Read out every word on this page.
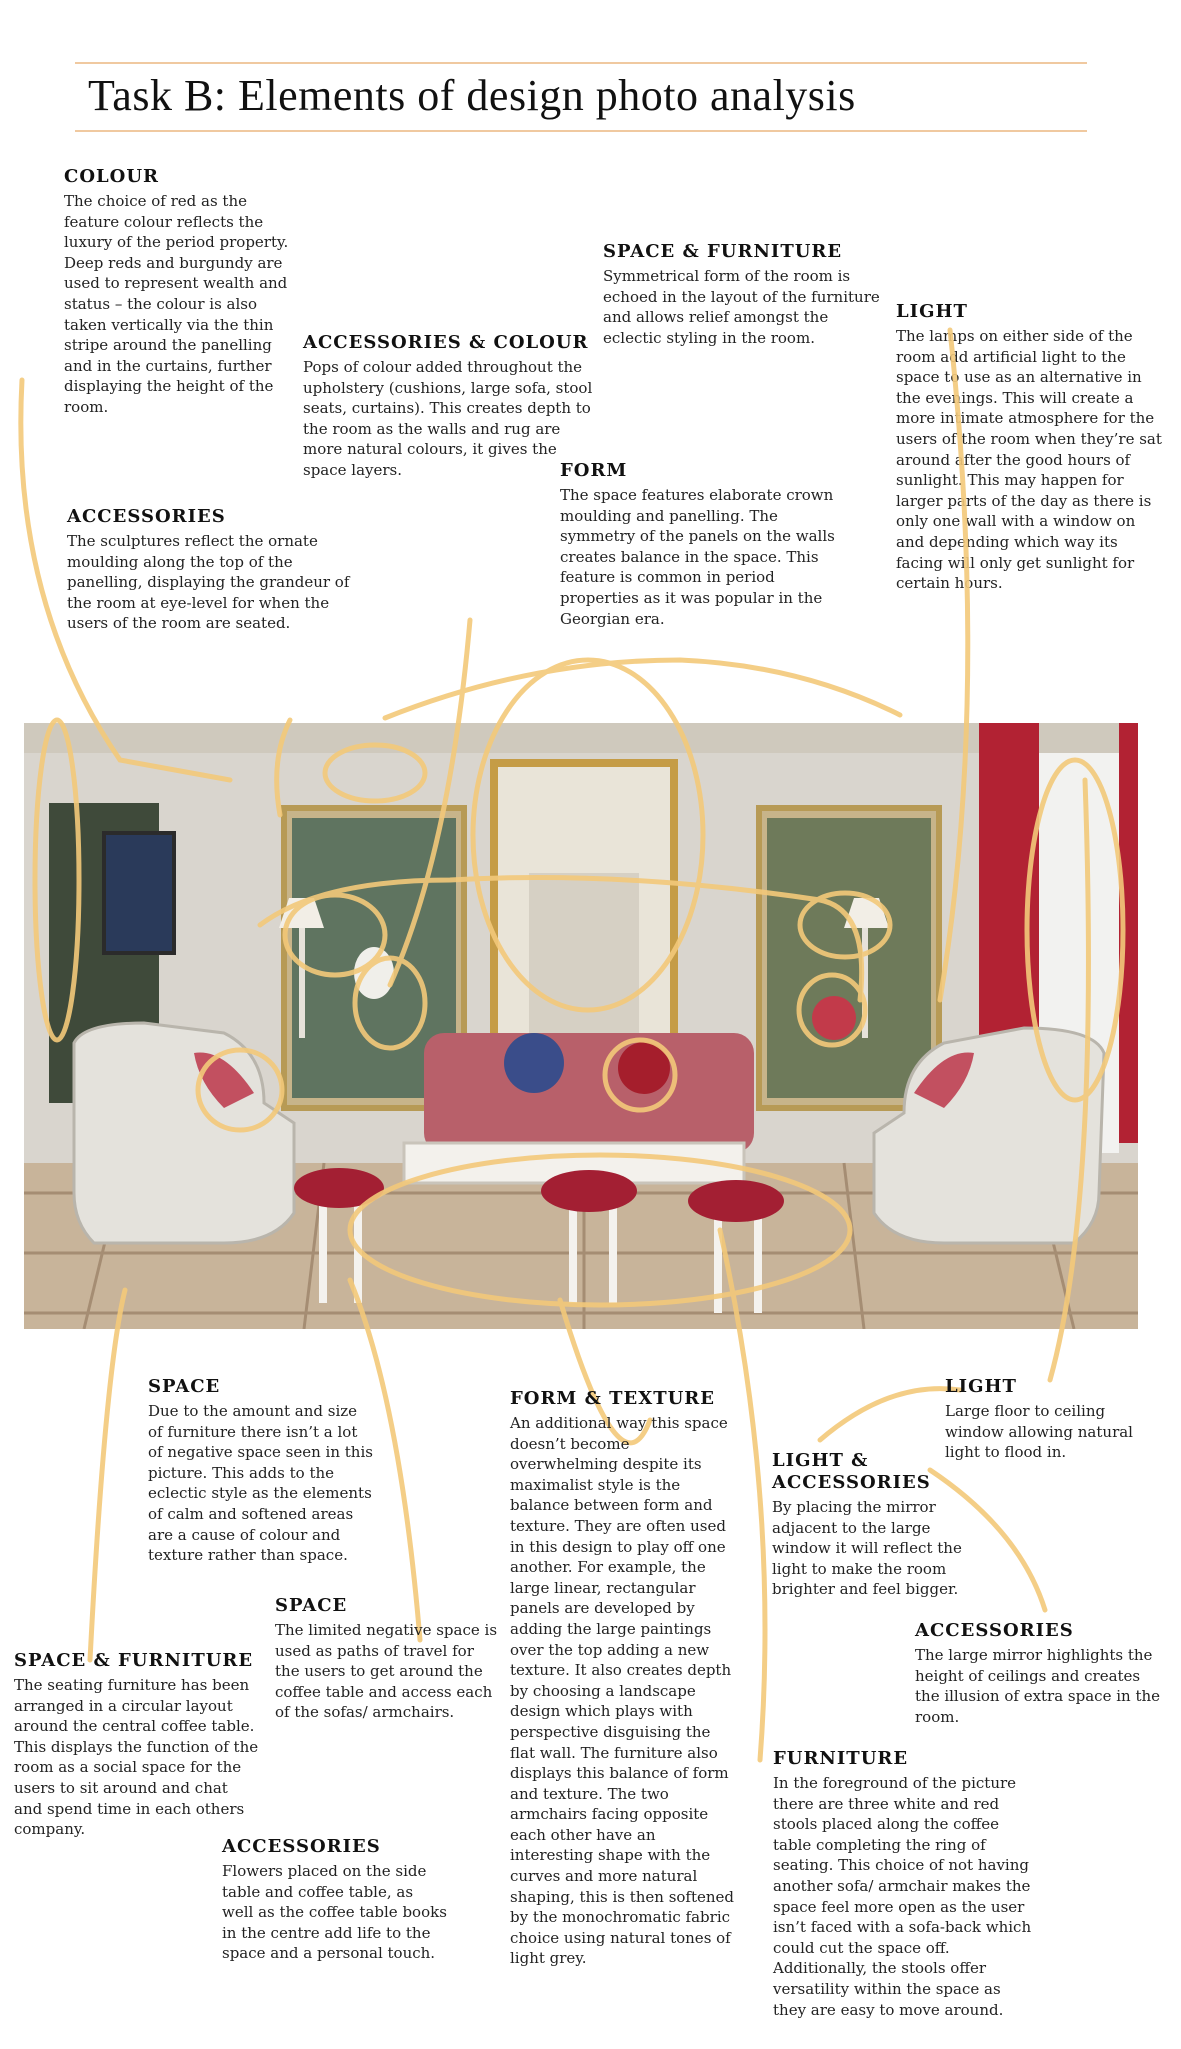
Task B: Elements of design photo analysis
COLOUR

The choice of red as the feature colour reflects the luxury of the period property. Deep reds and burgundy are used to represent wealth and status – the colour is also taken vertically via the thin stripe around the panelling and in the curtains, further displaying the height of the room.

SPACE & FURNITURE

Symmetrical form of the room is echoed in the layout of the furniture and allows relief amongst the eclectic styling in the room.

ACCESSORIES & COLOUR

Pops of colour added throughout the upholstery (cushions, large sofa, stool seats, curtains). This creates depth to the room as the walls and rug are more natural colours, it gives the space layers.

LIGHT

The lamps on either side of the room add artificial light to the space to use as an alternative in the evenings. This will create a more intimate atmosphere for the users of the room when they’re sat around after the good hours of sunlight. This may happen for larger parts of the day as there is only one wall with a window on and depending which way its facing will only get sunlight for certain hours.

FORM

The space features elaborate crown moulding and panelling. The symmetry of the panels on the walls creates balance in the space. This feature is common in period properties as it was popular in the Georgian era.

ACCESSORIES

The sculptures reflect the ornate moulding along the top of the panelling, displaying the grandeur of the room at eye-level for when the users of the room are seated.

SPACE

Due to the amount and size of furniture there isn’t a lot of negative space seen in this picture. This adds to the eclectic style as the elements of calm and softened areas are a cause of colour and texture rather than space.

FORM & TEXTURE

An additional way this space doesn’t become overwhelming despite its maximalist style is the balance between form and texture. They are often used in this design to play off one another. For example, the large linear, rectangular panels are developed by adding the large paintings over the top adding a new texture. It also creates depth by choosing a landscape design which plays with perspective disguising the flat wall. The furniture also displays this balance of form and texture. The two armchairs facing opposite each other have an interesting shape with the curves and more natural shaping, this is then softened by the monochromatic fabric choice using natural tones of light grey.

LIGHT

Large floor to ceiling window allowing natural light to flood in.

LIGHT & ACCESSORIES

By placing the mirror adjacent to the large window it will reflect the light to make the room brighter and feel bigger.

SPACE

The limited negative space is used as paths of travel for the users to get around the coffee table and access each of the sofas/ armchairs.

ACCESSORIES

The large mirror highlights the height of ceilings and creates the illusion of extra space in the room.

SPACE & FURNITURE

The seating furniture has been arranged in a circular layout around the central coffee table. This displays the function of the room as a social space for the users to sit around and chat and spend time in each others company.

FURNITURE

In the foreground of the picture there are three white and red stools placed along the coffee table completing the ring of seating. This choice of not having another sofa/ armchair makes the space feel more open as the user isn’t faced with a sofa-back which could cut the space off. Additionally, the stools offer versatility within the space as they are easy to move around.

ACCESSORIES

Flowers placed on the side table and coffee table, as well as the coffee table books in the centre add life to the space and a personal touch.
